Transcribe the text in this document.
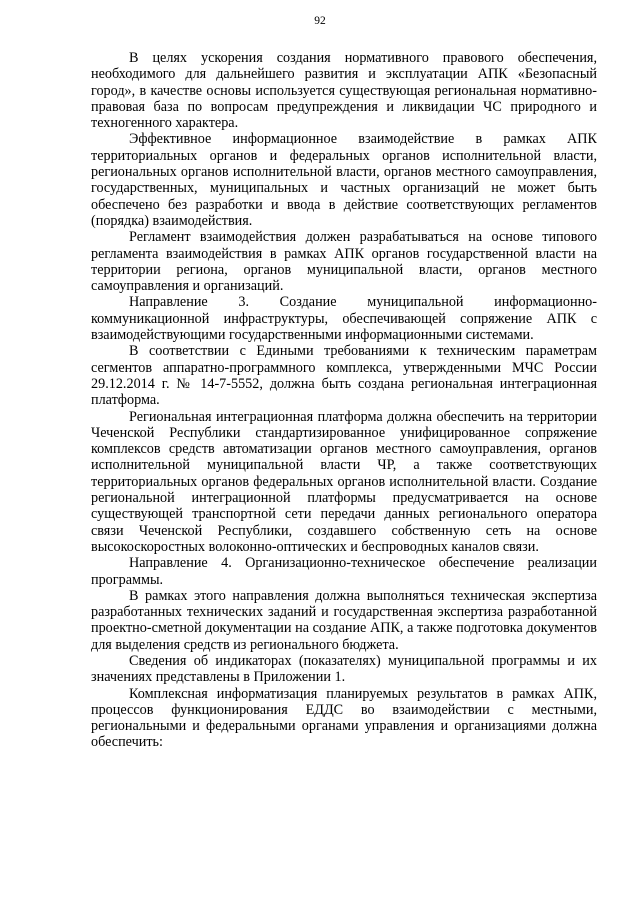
92

В целях ускорения создания нормативного правового обеспечения, необходимого для дальнейшего развития и эксплуатации АПК «Безопасный город», в качестве основы используется существующая региональная нормативно-правовая база по вопросам предупреждения и ликвидации ЧС природного и техногенного характера.

Эффективное информационное взаимодействие в рамках АПК территориальных органов и федеральных органов исполнительной власти, региональных органов исполнительной власти, органов местного самоуправления, государственных, муниципальных и частных организаций не может быть обеспечено без разработки и ввода в действие соответствующих регламентов (порядка) взаимодействия.

Регламент взаимодействия должен разрабатываться на основе типового регламента взаимодействия в рамках АПК органов государственной власти на территории региона, органов муниципальной власти, органов местного самоуправления и организаций.

Направление 3. Создание муниципальной информационно-коммуникационной инфраструктуры, обеспечивающей сопряжение АПК с взаимодействующими государственными информационными системами.

В соответствии с Едиными требованиями к техническим параметрам сегментов аппаратно-программного комплекса, утвержденными МЧС России 29.12.2014 г. № 14-7-5552, должна быть создана региональная интеграционная платформа.

Региональная интеграционная платформа должна обеспечить на территории Чеченской Республики стандартизированное унифицированное сопряжение комплексов средств автоматизации органов местного самоуправления, органов исполнительной муниципальной власти ЧР, а также соответствующих территориальных органов федеральных органов исполнительной власти. Создание региональной интеграционной платформы предусматривается на основе существующей транспортной сети передачи данных регионального оператора связи Чеченской Республики, создавшего собственную сеть на основе высокоскоростных волоконно-оптических и беспроводных каналов связи.

Направление 4. Организационно-техническое обеспечение реализации программы.

В рамках этого направления должна выполняться техническая экспертиза разработанных технических заданий и государственная экспертиза разработанной проектно-сметной документации на создание АПК, а также подготовка документов для выделения средств из регионального бюджета.

Сведения об индикаторах (показателях) муниципальной программы и их значениях представлены в Приложении 1.

Комплексная информатизация планируемых результатов в рамках АПК, процессов функционирования ЕДДС во взаимодействии с местными, региональными и федеральными органами управления и организациями должна обеспечить:
